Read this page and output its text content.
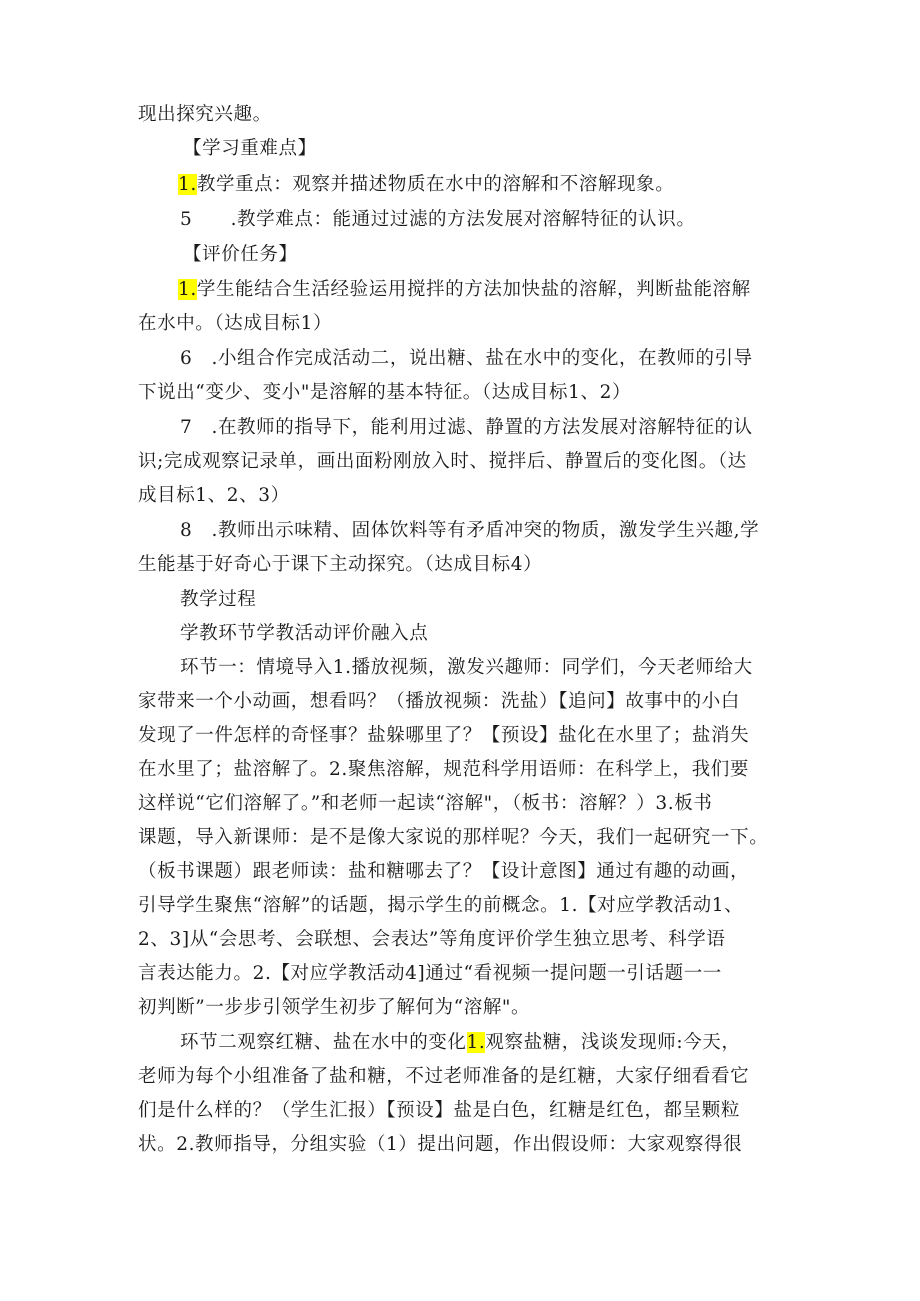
现出探究兴趣。
【学习重难点】
1.教学重点：观察并描述物质在水中的溶解和不溶解现象。
5　　.教学难点：能通过过滤的方法发展对溶解特征的认识。
【评价任务】
1.学生能结合生活经验运用搅拌的方法加快盐的溶解，判断盐能溶解
在水中。（达成目标1）
6　.小组合作完成活动二，说出糖、盐在水中的变化，在教师的引导
下说出“变少、变小"是溶解的基本特征。（达成目标1、2）
7　.在教师的指导下，能利用过滤、静置的方法发展对溶解特征的认
识;完成观察记录单，画出面粉刚放入时、搅拌后、静置后的变化图。（达
成目标1、2、3）
8　.教师出示味精、固体饮料等有矛盾冲突的物质，激发学生兴趣,学
生能基于好奇心于课下主动探究。（达成目标4）
教学过程
学教环节学教活动评价融入点
环节一：情境导入1.播放视频，激发兴趣师：同学们，今天老师给大
家带来一个小动画，想看吗？（播放视频：洗盐）【追问】故事中的小白
发现了一件怎样的奇怪事？盐躲哪里了？【预设】盐化在水里了；盐消失
在水里了；盐溶解了。2.聚焦溶解，规范科学用语师：在科学上，我们要
这样说“它们溶解了。”和老师一起读“溶解"，（板书：溶解？）3.板书
课题，导入新课师：是不是像大家说的那样呢？今天，我们一起研究一下。
（板书课题）跟老师读：盐和糖哪去了？【设计意图】通过有趣的动画，
引导学生聚焦“溶解”的话题，揭示学生的前概念。1.【对应学教活动1、
2、3]从“会思考、会联想、会表达”等角度评价学生独立思考、科学语
言表达能力。2.【对应学教活动4]通过“看视频一提问题一引话题一一
初判断”一步步引领学生初步了解何为“溶解"。
环节二观察红糖、盐在水中的变化1.观察盐糖，浅谈发现师:今天，
老师为每个小组准备了盐和糖，不过老师准备的是红糖，大家仔细看看它
们是什么样的？（学生汇报）【预设】盐是白色，红糖是红色，都呈颗粒
状。2.教师指导，分组实验（1）提出问题，作出假设师：大家观察得很
